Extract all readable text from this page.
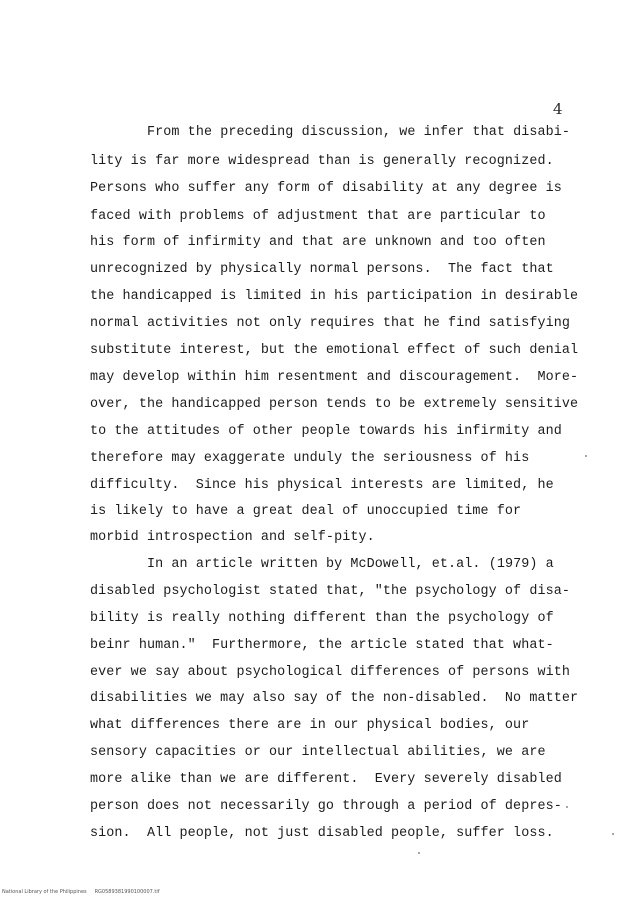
4
From the preceding discussion, we infer that disabi-
lity is far more widespread than is generally recognized.
Persons who suffer any form of disability at any degree is
faced with problems of adjustment that are particular to
his form of infirmity and that are unknown and too often
unrecognized by physically normal persons.  The fact that
the handicapped is limited in his participation in desirable
normal activities not only requires that he find satisfying
substitute interest, but the emotional effect of such denial
may develop within him resentment and discouragement.  More-
over, the handicapped person tends to be extremely sensitive
to the attitudes of other people towards his infirmity and
therefore may exaggerate unduly the seriousness of his
difficulty.  Since his physical interests are limited, he
is likely to have a great deal of unoccupied time for
morbid introspection and self-pity.
In an article written by McDowell, et.al. (1979) a
disabled psychologist stated that, "the psychology of disa-
bility is really nothing different than the psychology of
beinr human."  Furthermore, the article stated that what-
ever we say about psychological differences of persons with
disabilities we may also say of the non-disabled.  No matter
what differences there are in our physical bodies, our
sensory capacities or our intellectual abilities, we are
more alike than we are different.  Every severely disabled
person does not necessarily go through a period of depres-
sion.  All people, not just disabled people, suffer loss.
National Library of the Philippines     RG0589381990100007.tif
